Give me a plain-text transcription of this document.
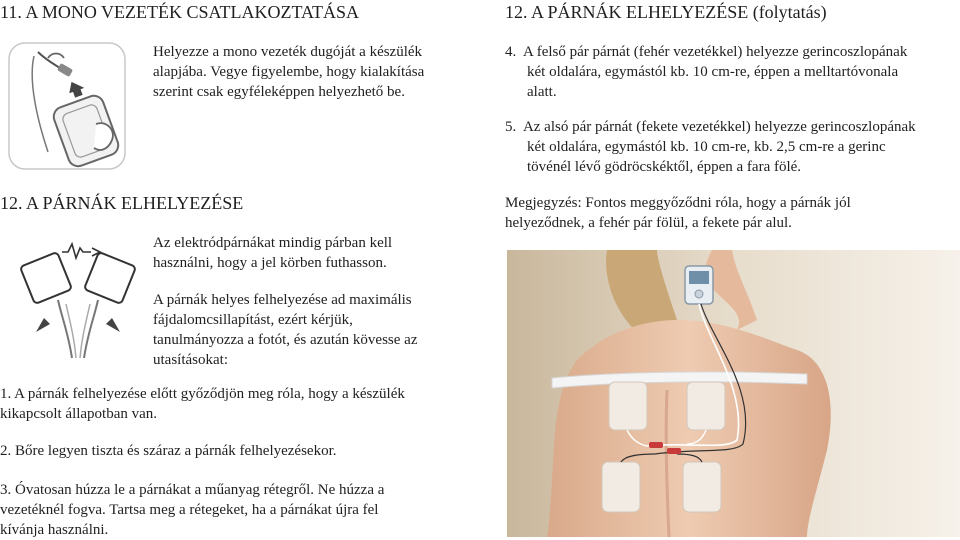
11. A MONO VEZETÉK CSATLAKOZTATÁSA
Helyezze a mono vezeték dugóját a készülék
alapjába. Vegye figyelembe, hogy kialakítása
szerint csak egyféleképpen helyezhető be.
12. A PÁRNÁK ELHELYEZÉSE
Az elektródpárnákat mindig párban kell
használni, hogy a jel körben futhasson.
A párnák helyes felhelyezése ad maximális
fájdalomcsillapítást, ezért kérjük,
tanulmányozza a fotót, és azután kövesse az
utasításokat:
1. A párnák felhelyezése előtt győződjön meg róla, hogy a készülék
kikapcsolt állapotban van.
2. Bőre legyen tiszta és száraz a párnák felhelyezésekor.
3. Óvatosan húzza le a párnákat a műanyag rétegről. Ne húzza a
vezetéknél fogva. Tartsa meg a rétegeket, ha a párnákat újra fel
kívánja használni.
12. A PÁRNÁK ELHELYEZÉSE (folytatás)
4. A felső pár párnát (fehér vezetékkel) helyezze gerincoszlopának
két oldalára, egymástól kb. 10 cm-re, éppen a melltartóvonala
alatt.
5. Az alsó pár párnát (fekete vezetékkel) helyezze gerincoszlopának
két oldalára, egymástól kb. 10 cm-re, kb. 2,5 cm-re a gerinc
tövénél lévő gödröcskéktől, éppen a fara fölé.
Megjegyzés: Fontos meggyőződni róla, hogy a párnák jól
helyeződnek, a fehér pár fölül, a fekete pár alul.
